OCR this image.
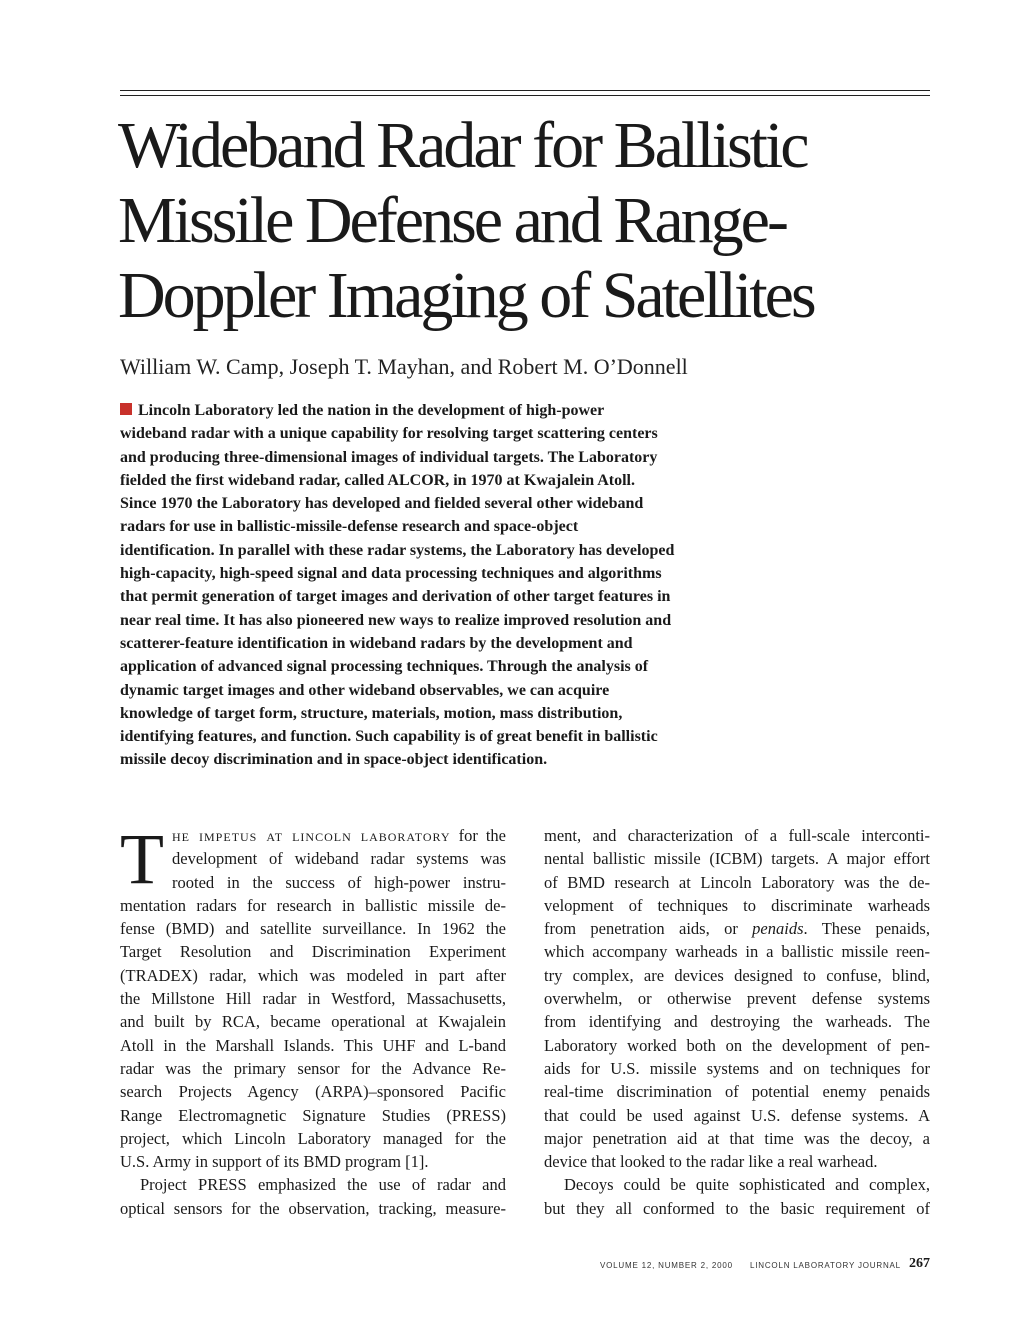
Wideband Radar for Ballistic
Missile Defense and Range-
Doppler Imaging of Satellites
William W. Camp, Joseph T. Mayhan, and Robert M. O’Donnell
Lincoln Laboratory led the nation in the development of high-power
wideband radar with a unique capability for resolving target scattering centers
and producing three-dimensional images of individual targets. The Laboratory
fielded the first wideband radar, called ALCOR, in 1970 at Kwajalein Atoll.
Since 1970 the Laboratory has developed and fielded several other wideband
radars for use in ballistic-missile-defense research and space-object
identification. In parallel with these radar systems, the Laboratory has developed
high-capacity, high-speed signal and data processing techniques and algorithms
that permit generation of target images and derivation of other target features in
near real time. It has also pioneered new ways to realize improved resolution and
scatterer-feature identification in wideband radars by the development and
application of advanced signal processing techniques. Through the analysis of
dynamic target images and other wideband observables, we can acquire
knowledge of target form, structure, materials, motion, mass distribution,
identifying features, and function. Such capability is of great benefit in ballistic
missile decoy discrimination and in space-object identification.
T he impetus at lincoln laboratory for the
development of wideband radar systems was
rooted in the success of high-power instru-
mentation radars for research in ballistic missile de-
fense (BMD) and satellite surveillance. In 1962 the
Target Resolution and Discrimination Experiment
(TRADEX) radar, which was modeled in part after
the Millstone Hill radar in Westford, Massachusetts,
and built by RCA, became operational at Kwajalein
Atoll in the Marshall Islands. This UHF and L-band
radar was the primary sensor for the Advance Re-
search Projects Agency (ARPA)–sponsored Pacific
Range Electromagnetic Signature Studies (PRESS)
project, which Lincoln Laboratory managed for the
U.S. Army in support of its BMD program [1].
Project PRESS emphasized the use of radar and
optical sensors for the observation, tracking, measure-
ment, and characterization of a full-scale interconti-
nental ballistic missile (ICBM) targets. A major effort
of BMD research at Lincoln Laboratory was the de-
velopment of techniques to discriminate warheads
from penetration aids, or penaids. These penaids,
which accompany warheads in a ballistic missile reen-
try complex, are devices designed to confuse, blind,
overwhelm, or otherwise prevent defense systems
from identifying and destroying the warheads. The
Laboratory worked both on the development of pen-
aids for U.S. missile systems and on techniques for
real-time discrimination of potential enemy penaids
that could be used against U.S. defense systems. A
major penetration aid at that time was the decoy, a
device that looked to the radar like a real warhead.
Decoys could be quite sophisticated and complex,
but they all conformed to the basic requirement of
VOLUME 12, NUMBER 2, 2000 LINCOLN LABORATORY JOURNAL 267
